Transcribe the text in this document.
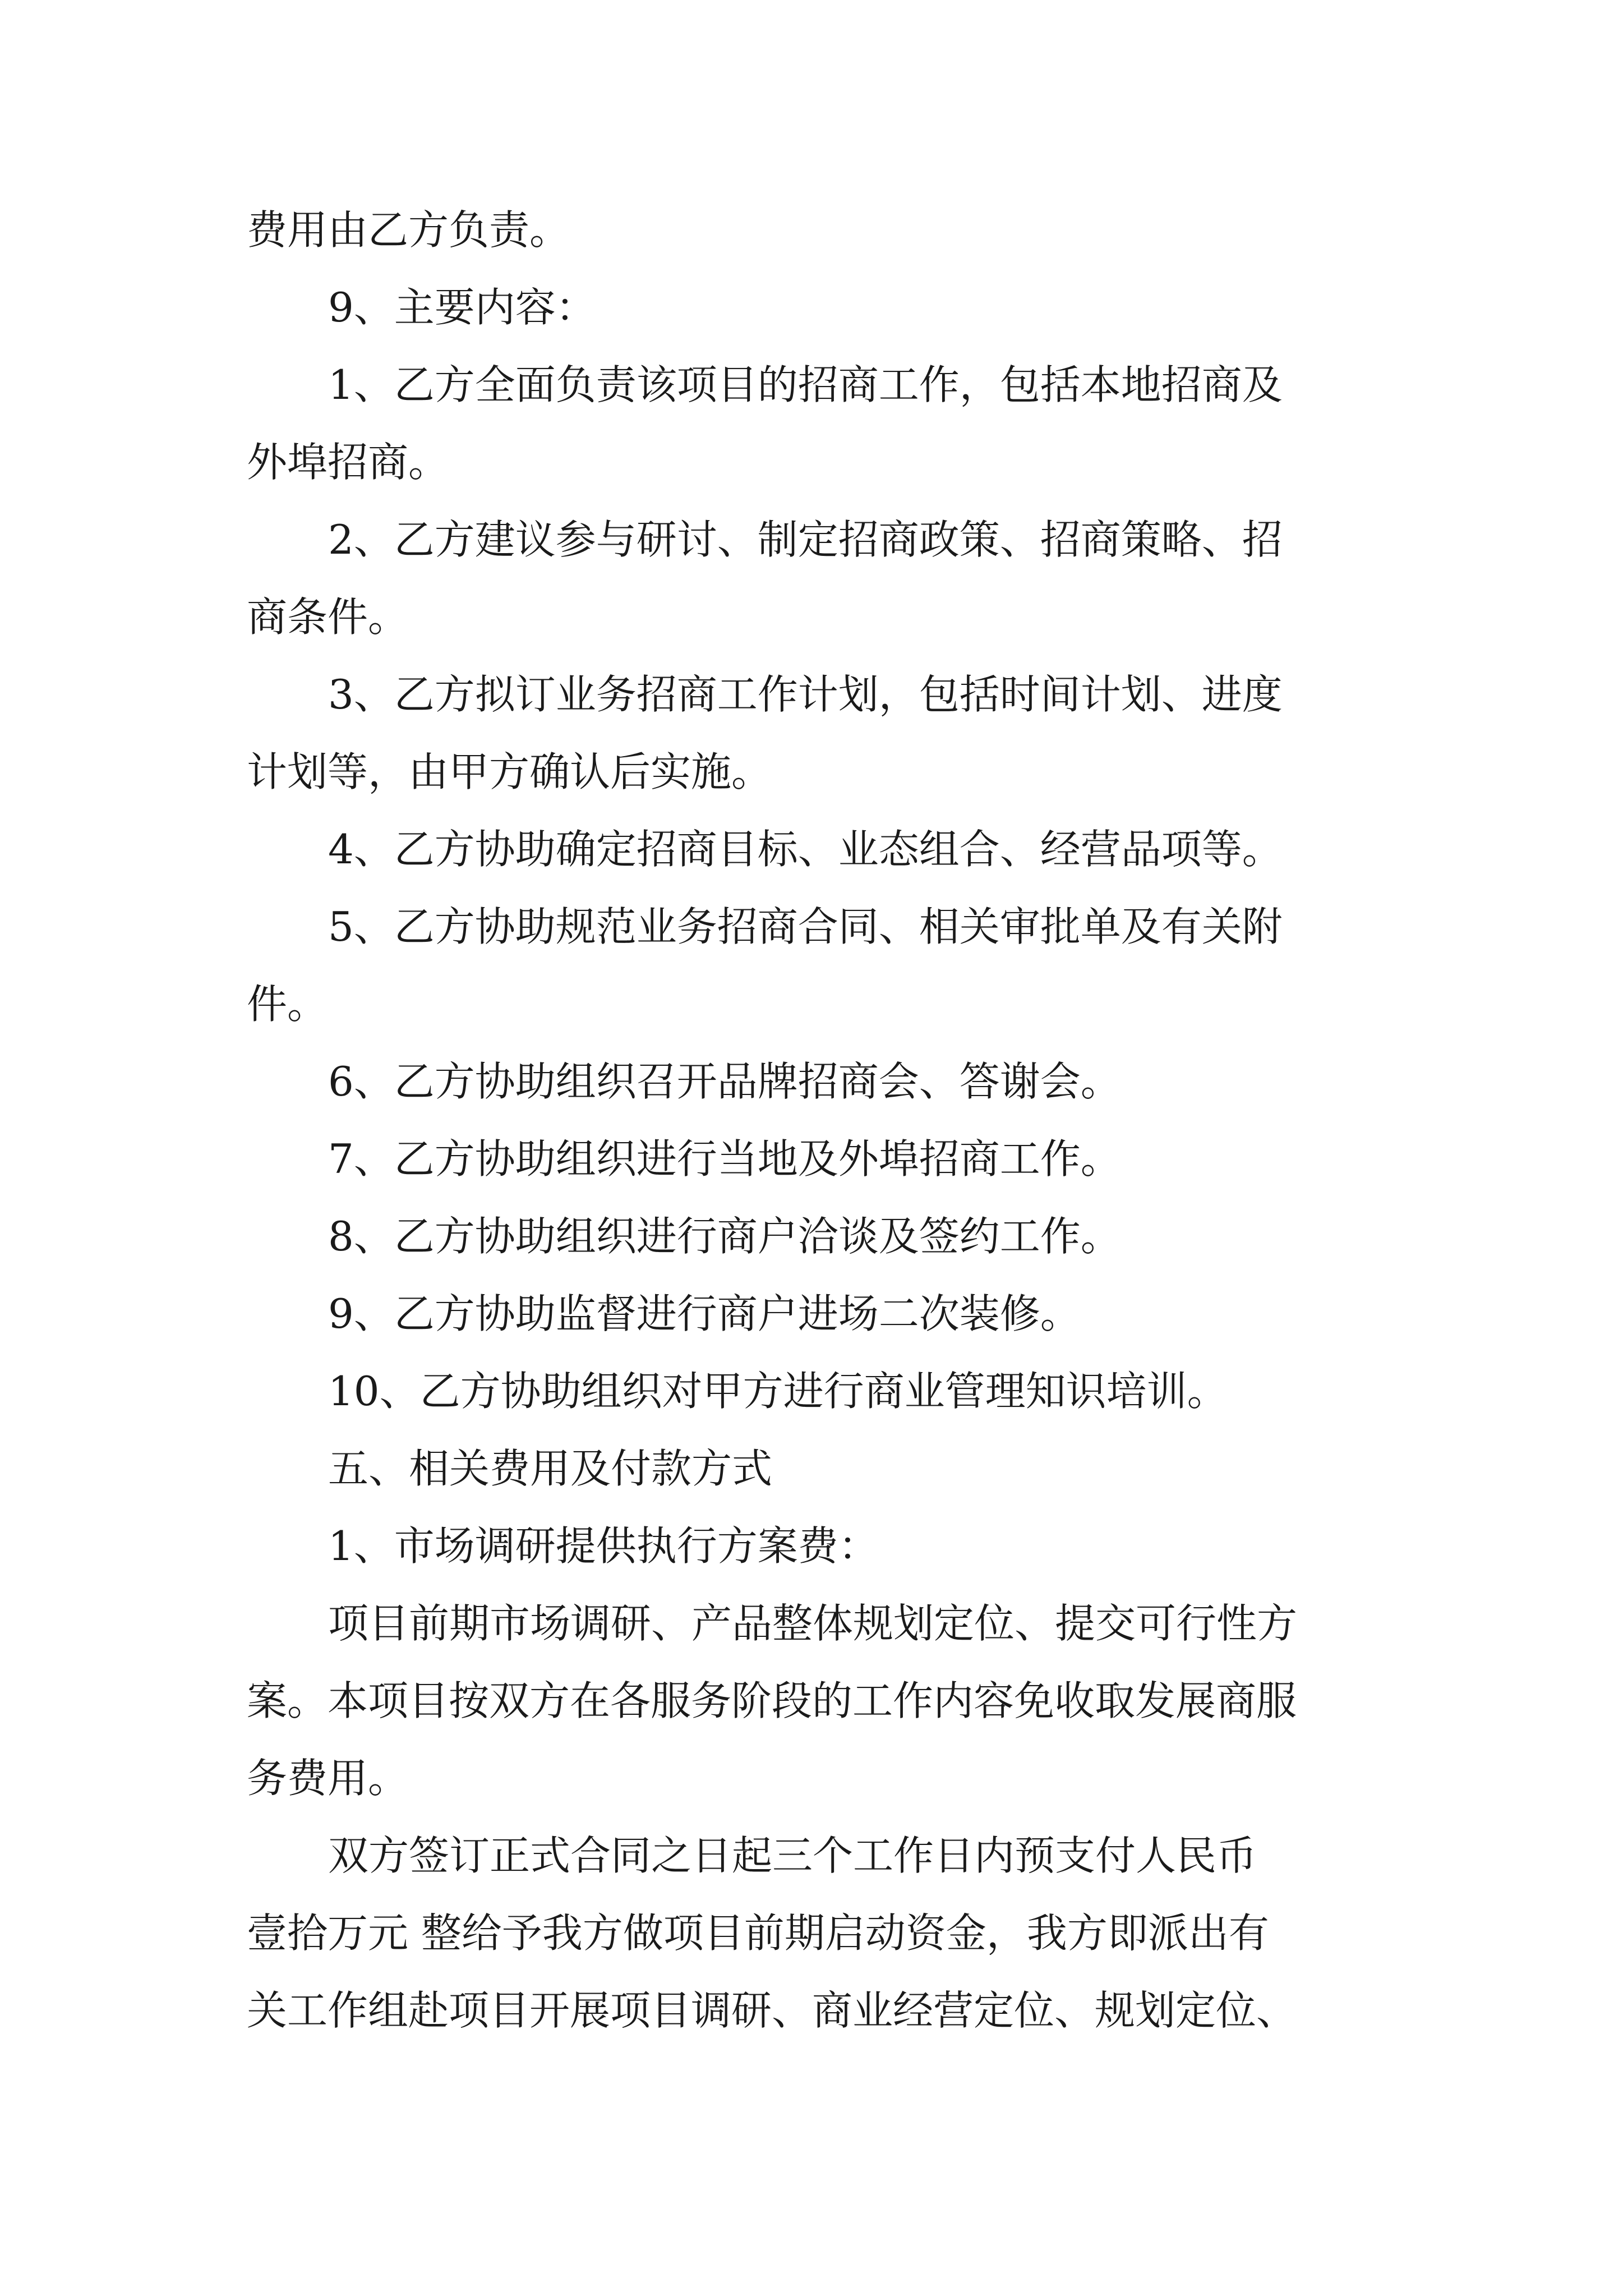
费用由乙方负责。
9、主要内容：
1、乙方全面负责该项目的招商工作，包括本地招商及
外埠招商。
2、乙方建议参与研讨、制定招商政策、招商策略、招
商条件。
3、乙方拟订业务招商工作计划，包括时间计划、进度
计划等，由甲方确认后实施。
4、乙方协助确定招商目标、业态组合、经营品项等。
5、乙方协助规范业务招商合同、相关审批单及有关附
件。
6、乙方协助组织召开品牌招商会、答谢会。
7、乙方协助组织进行当地及外埠招商工作。
8、乙方协助组织进行商户洽谈及签约工作。
9、乙方协助监督进行商户进场二次装修。
10、乙方协助组织对甲方进行商业管理知识培训。
五、相关费用及付款方式
1、市场调研提供执行方案费：
项目前期市场调研、产品整体规划定位、提交可行性方
案。本项目按双方在各服务阶段的工作内容免收取发展商服
务费用。
双方签订正式合同之日起三个工作日内预支付人民币
壹拾万元 整给予我方做项目前期启动资金，我方即派出有
关工作组赴项目开展项目调研、商业经营定位、规划定位、
